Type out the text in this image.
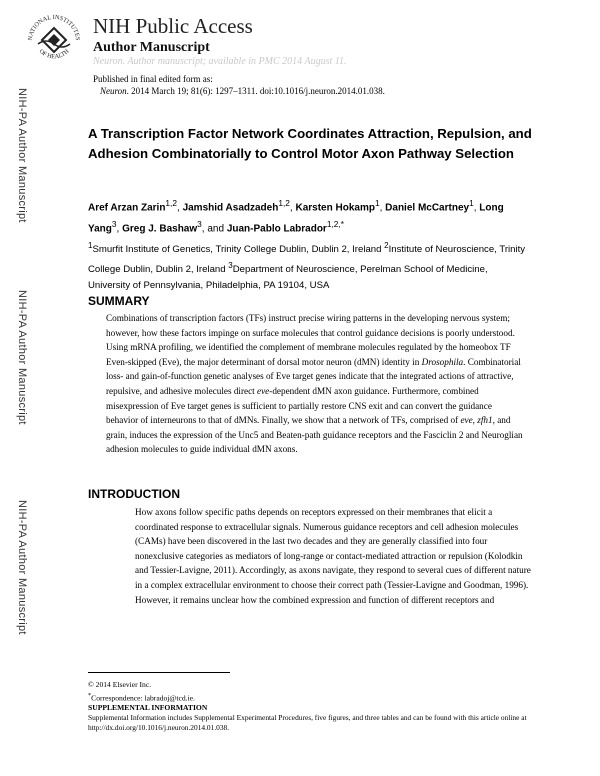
NATIONAL INSTITUTES
OF HEALTH
NIH Public Access
Author Manuscript
Neuron. Author manuscript; available in PMC 2014 August 11.
Published in final edited form as:
Neuron. 2014 March 19; 81(6): 1297–1311. doi:10.1016/j.neuron.2014.01.038.
NIH-PA Author Manuscript
NIH-PA Author Manuscript
NIH-PA Author Manuscript
A Transcription Factor Network Coordinates Attraction, Repulsion, and Adhesion Combinatorially to Control Motor Axon Pathway Selection
Aref Arzan Zarin$^{1,2}$, Jamshid Asadzadeh$^{1,2}$, Karsten Hokamp$^1$, Daniel McCartney$^1$, Long Yang$^3$, Greg J. Bashaw$^3$, and Juan-Pablo Labrador$^{1,2,*}$
$^1$Smurfit Institute of Genetics, Trinity College Dublin, Dublin 2, Ireland $^2$Institute of Neuroscience, Trinity College Dublin, Dublin 2, Ireland $^3$Department of Neuroscience, Perelman School of Medicine, University of Pennsylvania, Philadelphia, PA 19104, USA
SUMMARY
Combinations of transcription factors (TFs) instruct precise wiring patterns in the developing nervous system; however, how these factors impinge on surface molecules that control guidance decisions is poorly understood. Using mRNA profiling, we identified the complement of membrane molecules regulated by the homeobox TF Even-skipped (Eve), the major determinant of dorsal motor neuron (dMN) identity in Drosophila. Combinatorial loss- and gain-of-function genetic analyses of Eve target genes indicate that the integrated actions of attractive, repulsive, and adhesive molecules direct eve-dependent dMN axon guidance. Furthermore, combined misexpression of Eve target genes is sufficient to partially restore CNS exit and can convert the guidance behavior of interneurons to that of dMNs. Finally, we show that a network of TFs, comprised of eve, zfh1, and grain, induces the expression of the Unc5 and Beaten-path guidance receptors and the Fasciclin 2 and Neuroglian adhesion molecules to guide individual dMN axons.
INTRODUCTION
How axons follow specific paths depends on receptors expressed on their membranes that elicit a coordinated response to extracellular signals. Numerous guidance receptors and cell adhesion molecules (CAMs) have been discovered in the last two decades and they are generally classified into four nonexclusive categories as mediators of long-range or contact-mediated attraction or repulsion (Kolodkin and Tessier-Lavigne, 2011). Accordingly, as axons navigate, they respond to several cues of different nature in a complex extracellular environment to choose their correct path (Tessier-Lavigne and Goodman, 1996). However, it remains unclear how the combined expression and function of different receptors and
© 2014 Elsevier Inc.
*Correspondence: labradoj@tcd.ie.
SUPPLEMENTAL INFORMATION
Supplemental Information includes Supplemental Experimental Procedures, five figures, and three tables and can be found with this article online at http://dx.doi.org/10.1016/j.neuron.2014.01.038.
